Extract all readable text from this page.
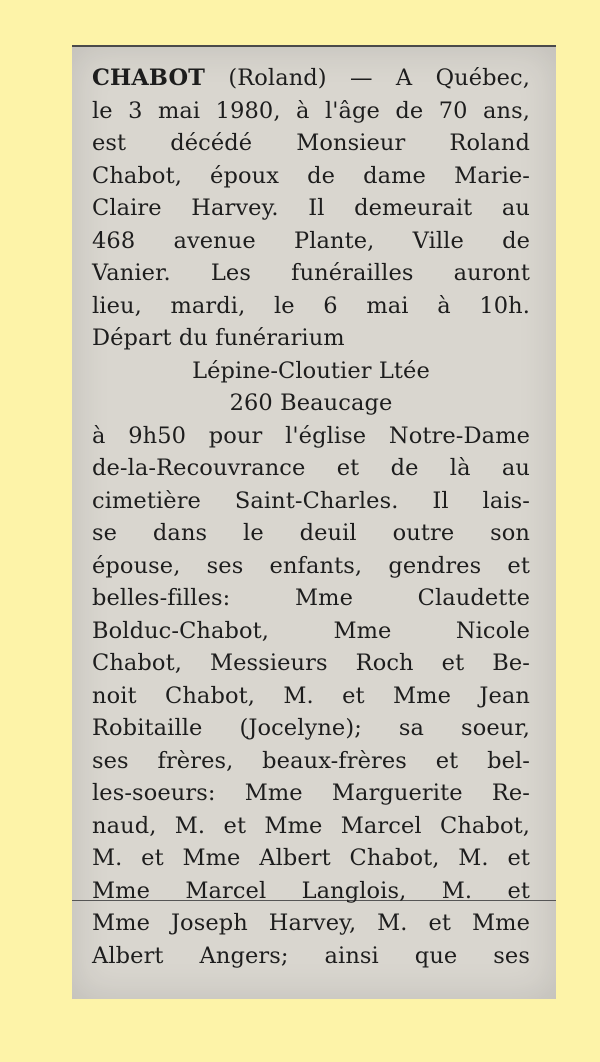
CHABOT (Roland) — A Québec,
le 3 mai 1980, à l'âge de 70 ans,
est décédé Monsieur Roland
Chabot, époux de dame Marie-
Claire Harvey. Il demeurait au
468 avenue Plante, Ville de
Vanier. Les funérailles auront
lieu, mardi, le 6 mai à 10h.
Départ du funérarium
Lépine-Cloutier Ltée
260 Beaucage
à 9h50 pour l'église Notre-Dame
de-la-Recouvrance et de là au
cimetière Saint-Charles. Il lais-
se dans le deuil outre son
épouse, ses enfants, gendres et
belles-filles: Mme Claudette
Bolduc-Chabot, Mme Nicole
Chabot, Messieurs Roch et Be-
noit Chabot, M. et Mme Jean
Robitaille (Jocelyne); sa soeur,
ses frères, beaux-frères et bel-
les-soeurs: Mme Marguerite Re-
naud, M. et Mme Marcel Chabot,
M. et Mme Albert Chabot, M. et
Mme Marcel Langlois, M. et
Mme Joseph Harvey, M. et Mme
Albert Angers; ainsi que ses
